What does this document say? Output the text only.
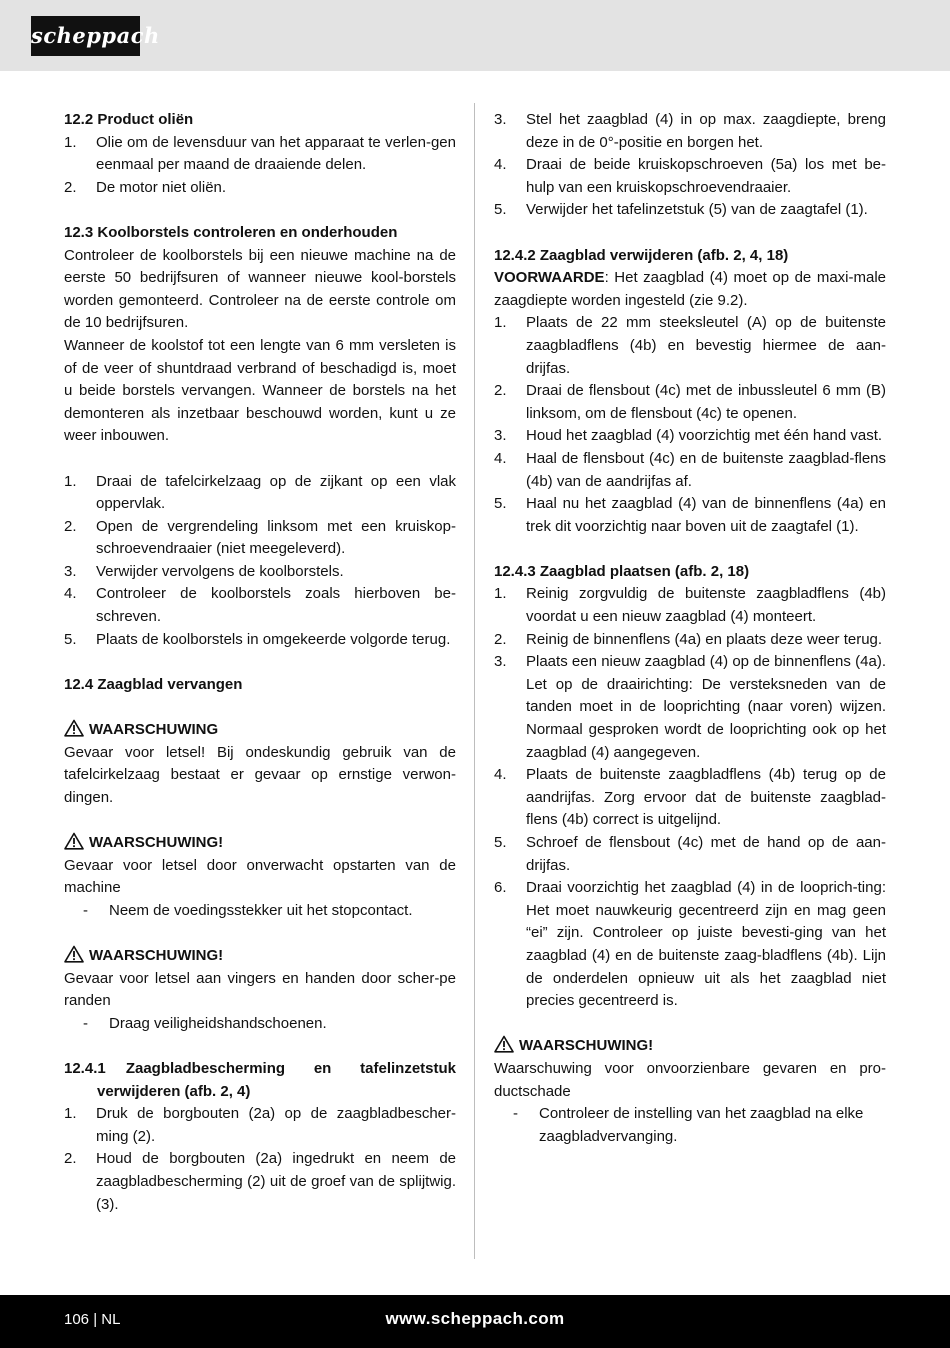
scheppach

12.2 Product oliën

1. Olie om de levensduur van het apparaat te verlen-gen eenmaal per maand de draaiende delen.
2. De motor niet oliën.

12.3 Koolborstels controleren en onderhouden

Controleer de koolborstels bij een nieuwe machine na de eerste 50 bedrijfsuren of wanneer nieuwe kool-borstels worden gemonteerd. Controleer na de eerste controle om de 10 bedrijfsuren.

Wanneer de koolstof tot een lengte van 6 mm versleten is of de veer of shuntdraad verbrand of beschadigd is, moet u beide borstels vervangen. Wanneer de borstels na het demonteren als inzetbaar beschouwd worden, kunt u ze weer inbouwen.

1. Draai de tafelcirkelzaag op de zijkant op een vlak oppervlak.
2. Open de vergrendeling linksom met een kruiskop-schroevendraaier (niet meegeleverd).
3. Verwijder vervolgens de koolborstels.
4. Controleer de koolborstels zoals hierboven be-schreven.
5. Plaats de koolborstels in omgekeerde volgorde terug.

12.4 Zaagblad vervangen

WAARSCHUWING

Gevaar voor letsel! Bij ondeskundig gebruik van de tafelcirkelzaag bestaat er gevaar op ernstige verwon-dingen.

WAARSCHUWING!

Gevaar voor letsel door onverwacht opstarten van de machine

- Neem de voedingsstekker uit het stopcontact.

WAARSCHUWING!

Gevaar voor letsel aan vingers en handen door scher-pe randen

- Draag veiligheidshandschoenen.

12.4.1 Zaagbladbescherming en tafelinzetstuk verwijderen (afb. 2, 4)

1. Druk de borgbouten (2a) op de zaagbladbescher-ming (2).
2. Houd de borgbouten (2a) ingedrukt en neem de zaagbladbescherming (2) uit de groef van de splijtwig.(3).
3. Stel het zaagblad (4) in op max. zaagdiepte, breng deze in de 0°-positie en borgen het.
4. Draai de beide kruiskopschroeven (5a) los met be-hulp van een kruiskopschroevendraaier.
5. Verwijder het tafelinzetstuk (5) van de zaagtafel (1).

12.4.2 Zaagblad verwijderen (afb. 2, 4, 18)

VOORWAARDE: Het zaagblad (4) moet op de maxi-male zaagdiepte worden ingesteld (zie 9.2).

1. Plaats de 22 mm steeksleutel (A) op de buitenste zaagbladflens (4b) en bevestig hiermee de aan-drijfas.
2. Draai de flensbout (4c) met de inbussleutel 6 mm (B) linksom, om de flensbout (4c) te openen.
3. Houd het zaagblad (4) voorzichtig met één hand vast.
4. Haal de flensbout (4c) en de buitenste zaagblad-flens (4b) van de aandrijfas af.
5. Haal nu het zaagblad (4) van de binnenflens (4a) en trek dit voorzichtig naar boven uit de zaagtafel (1).

12.4.3 Zaagblad plaatsen (afb. 2, 18)

1. Reinig zorgvuldig de buitenste zaagbladflens (4b) voordat u een nieuw zaagblad (4) monteert.
2. Reinig de binnenflens (4a) en plaats deze weer terug.
3. Plaats een nieuw zaagblad (4) op de binnenflens (4a). Let op de draairichting: De versteksneden van de tanden moet in de looprichting (naar voren) wijzen. Normaal gesproken wordt de looprichting ook op het zaagblad (4) aangegeven.
4. Plaats de buitenste zaagbladflens (4b) terug op de aandrijfas. Zorg ervoor dat de buitenste zaagblad-flens (4b) correct is uitgelijnd.
5. Schroef de flensbout (4c) met de hand op de aan-drijfas.
6. Draai voorzichtig het zaagblad (4) in de looprich-ting: Het moet nauwkeurig gecentreerd zijn en mag geen “ei” zijn. Controleer op juiste bevesti-ging van het zaagblad (4) en de buitenste zaag-bladflens (4b). Lijn de onderdelen opnieuw uit als het zaagblad niet precies gecentreerd is.

WAARSCHUWING!

Waarschuwing voor onvoorzienbare gevaren en pro-ductschade

- Controleer de instelling van het zaagblad na elke zaagbladvervanging.
106 | NL	www.scheppach.com
